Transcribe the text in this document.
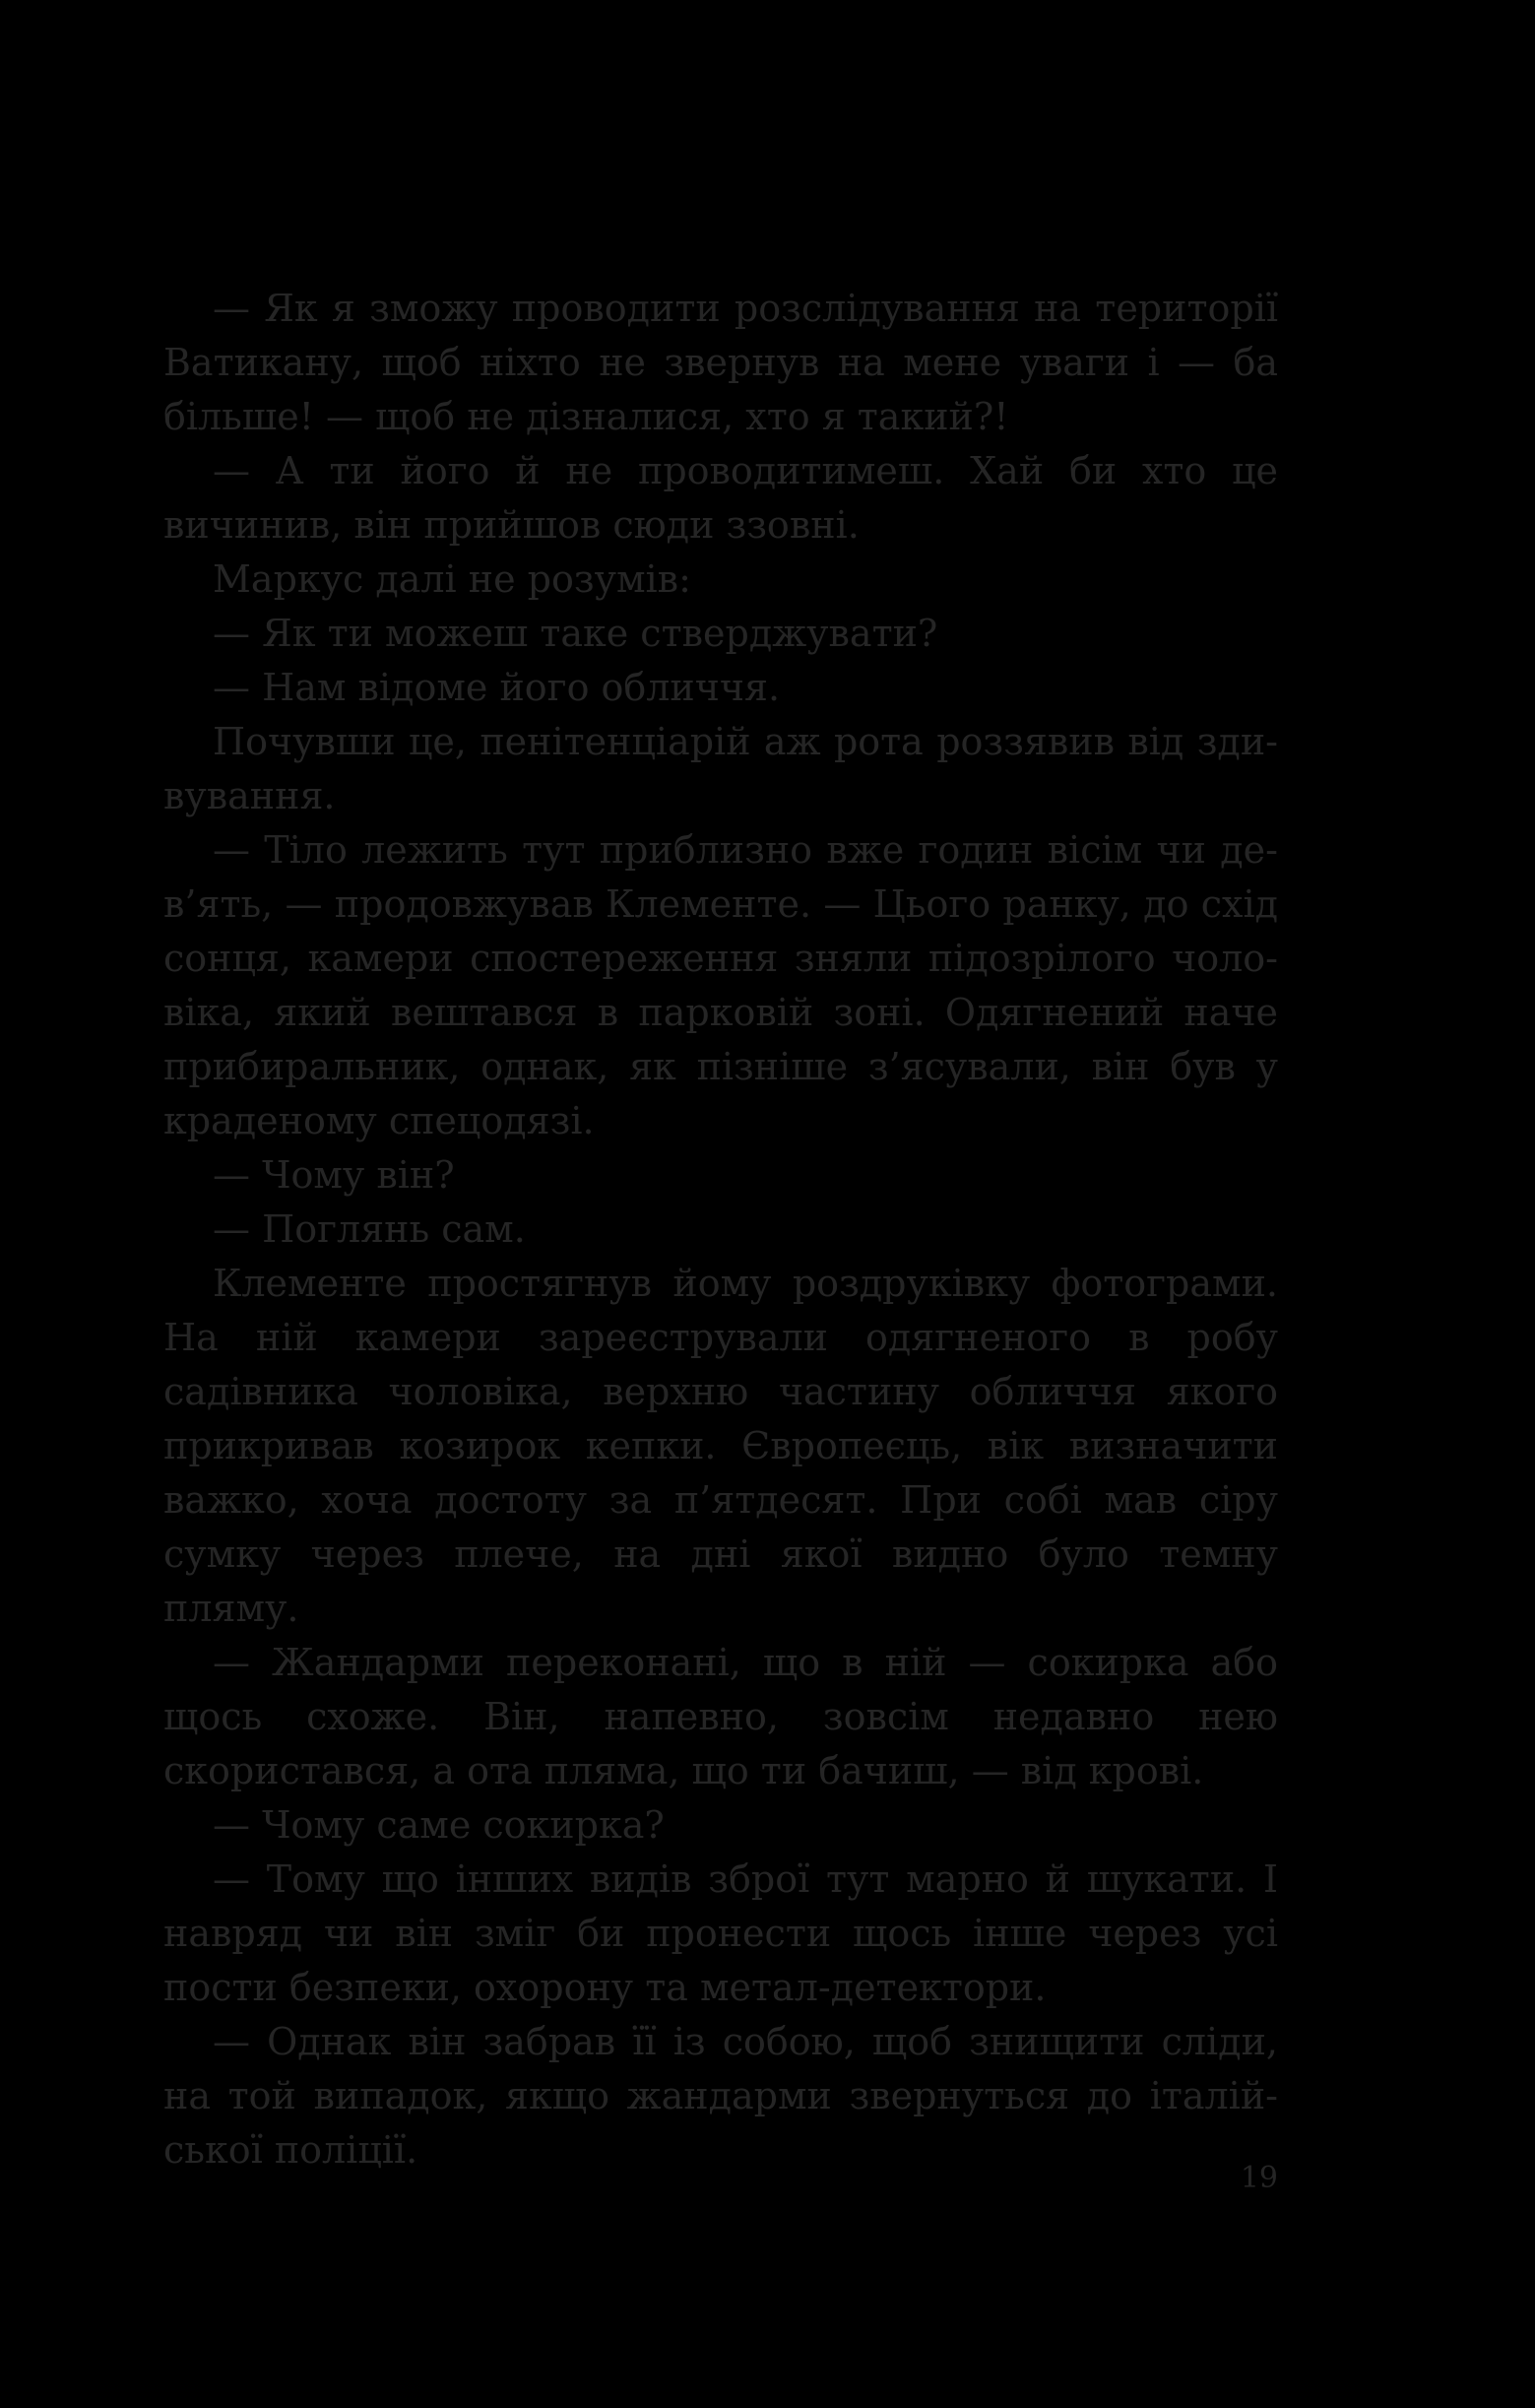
— Як я зможу проводити розслідування на території Ватикану, щоб ніхто не звернув на мене уваги і — ба більше! — щоб не дізналися, хто я такий?!

— А ти його й не проводитимеш. Хай би хто це вичинив, він прийшов сюди ззовні.

Маркус далі не розумів:

— Як ти можеш таке стверджувати?

— Нам відоме його обличчя.

Почувши це, пенітенціарій аж рота роззявив від здивування.

— Тіло лежить тут приблизно вже годин вісім чи дев’ять, — продовжував Клементе. — Цього ранку, до схід сонця, камери спостереження зняли підозрілого чоловіка, який вештався в парковій зоні. Одягнений наче прибиральник, однак, як пізніше з’ясували, він був у краденому спецодязі.

— Чому він?

— Поглянь сам.

Клементе простягнув йому роздруківку фотограми. На ній камери зареєстрували одягненого в робу садівника чоловіка, верхню частину обличчя якого прикривав козирок кепки. Європеєць, вік визначити важко, хоча достоту за п’ятдесят. При собі мав сіру сумку через плече, на дні якої видно було темну пляму.

— Жандарми переконані, що в ній — сокирка або щось схоже. Він, напевно, зовсім недавно нею скористався, а ота пляма, що ти бачиш, — від крові.

— Чому саме сокирка?

— Тому що інших видів зброї тут марно й шукати. І навряд чи він зміг би пронести щось інше через усі пости безпеки, охорону та метал-детектори.

— Однак він забрав її із собою, щоб знищити сліди, на той випадок, якщо жандарми звернуться до італійської поліції.

19
